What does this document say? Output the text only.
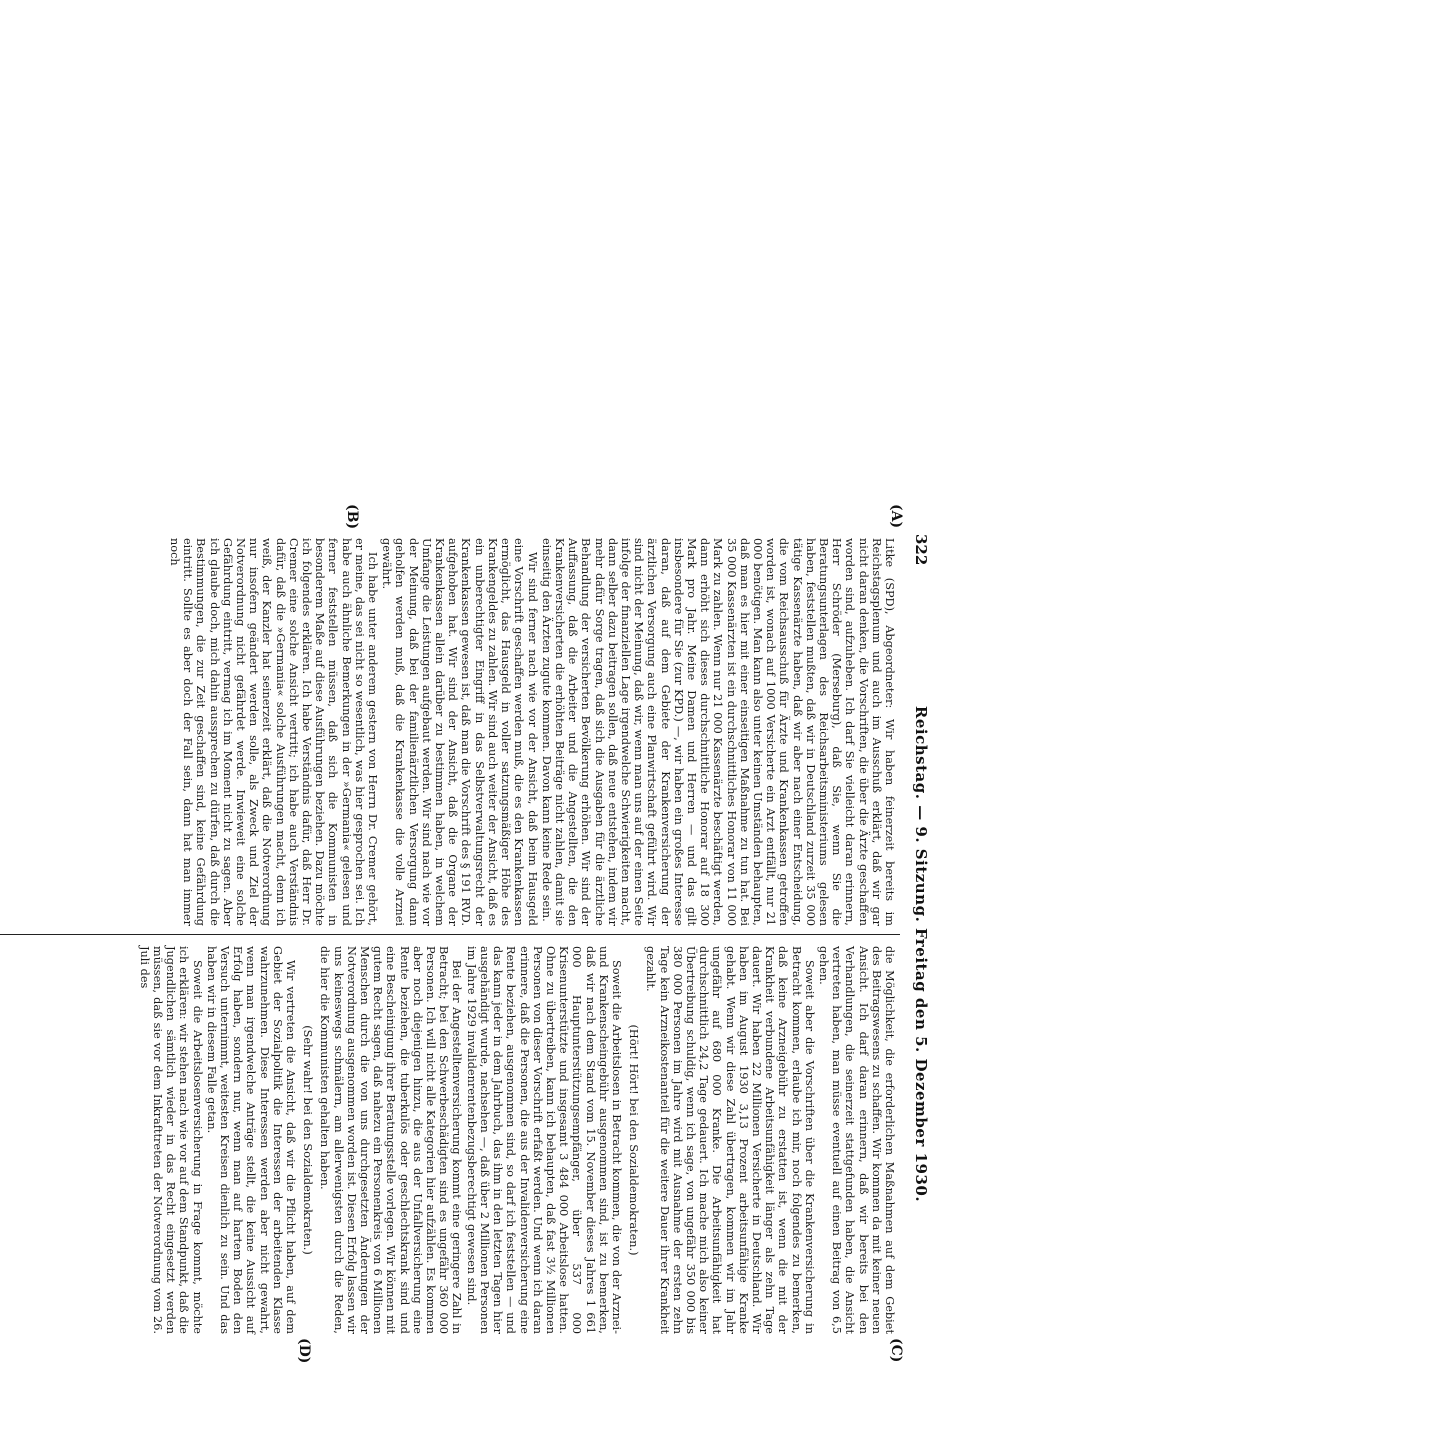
322
Reichstag. — 9. Sitzung. Freitag den 5. Dezember 1930.
(A)
(B)
(C)
(D)

Litke (SPD), Abgeordneter: Wir haben feinerzeit bereits im Reichstagsplenum und auch im Ausschuß erklärt, daß wir gar nicht daran denken, die Vorschriften, die über die Ärzte geschaffen worden sind, aufzuheben. Ich darf Sie vielleicht daran erinnern, Herr Schröder (Merseburg), daß Sie, wenn Sie die Beratungsunterlagen des Reichsarbeitsministeriums gelesen haben, feststellen mußten, daß wir in Deutschland zurzeit 35 000 tätige Kassenärzte haben, daß wir aber nach einer Entscheidung, die vom Reichsausschuß für Ärzte und Krankenkassen getroffen worden ist, wonach auf 1000 Versicherte ein Arzt entfällt, nur 21 000 benötigen. Man kann also unter keinen Umständen behaupten, daß man es hier mit einer einseitigen Maßnahme zu tun hat. Bei 35 000 Kassenärzten ist ein durchschnittliches Honorar von 11 000 Mark zu zahlen. Wenn nur 21 000 Kassenärzte beschäftigt werden, dann erhöht sich dieses durchschnittliche Honorar auf 18 300 Mark pro Jahr. Meine Damen und Herren — und das gilt insbesondere für Sie (zur KPD.) —, wir haben ein großes Interesse daran, daß auf dem Gebiete der Krankenversicherung der ärztlichen Versorgung auch eine Planwirtschaft geführt wird. Wir sind nicht der Meinung, daß wir, wenn man uns auf der einen Seite infolge der finanziellen Lage irgendwelche Schwierigkeiten macht, dann selber dazu beitragen sollen, daß neue entstehen, indem wir mehr dafür Sorge tragen, daß sich die Ausgaben für die ärztliche Behandlung der versicherten Bevölkerung erhöhen. Wir sind der Auffassung, daß die Arbeiter und die Angestellten, die den Krankenversicherten die erhöhten Beiträge nicht zahlen, damit sie einseitig den Ärzten zugute kommen. Davon kann keine Rede sein.

Wir sind ferner nach wie vor der Ansicht, daß beim Hausgeld eine Vorschrift geschaffen werden muß, die es den Krankenkassen ermöglicht, das Hausgeld in voller satzungsmäßiger Höhe des Krankengeldes zu zahlen. Wir sind auch weiter der Ansicht, daß es ein unberechtigter Eingriff in das Selbstverwaltungsrecht der Krankenkassen gewesen ist, daß man die Vorschrift des § 191 RVD. aufgehoben hat. Wir sind der Ansicht, daß die Organe der Krankenkassen allein darüber zu bestimmen haben, in welchem Umfange die Leistungen aufgebaut werden. Wir sind nach wie vor der Meinung, daß bei der familienärztlichen Versorgung dann geholfen werden muß, daß die Krankenkasse die volle Arznei gewährt.

Ich habe unter anderem gestern von Herrn Dr. Cremer gehört, er meine, das sei nicht so wesentlich, was hier gesprochen sei. Ich habe auch ähnliche Bemerkungen in der »Germania« gelesen und ferner feststellen müssen, daß sich die Kommunisten in besonderem Maße auf diese Ausführungen beziehen. Dazu möchte ich folgendes erklären. Ich habe Verständnis dafür, daß Herr Dr. Cremer eine solche Ansicht vertritt; ich habe auch Verständnis dafür, daß die »Germania« solche Ausführungen macht, denn ich weiß, der Kanzler hat seinerzeit erklärt, daß die Notverordnung nur insofern geändert werden solle, als Zweck und Ziel der Notverordnung nicht gefährdet werde. Inwieweit eine solche Gefährdung eintritt, vermag ich im Moment nicht zu sagen. Aber ich glaube doch, mich dahin aussprechen zu dürfen, daß durch die Bestimmungen, die zur Zeit geschaffen sind, keine Gefährdung eintritt. Sollte es aber doch der Fall sein, dann hat man immer noch

die Möglichkeit, die erforderlichen Maßnahmen auf dem Gebiet des Beitragswesens zu schaffen. Wir kommen da mit keiner neuen Ansicht. Ich darf daran erinnern, daß wir bereits bei den Verhandlungen, die seinerzeit stattgefunden haben, die Ansicht vertreten haben, man müsse eventuell auf einen Beitrag von 6,5 gehen.

Soweit aber die Vorschriften über die Krankenversicherung in Betracht kommen, erlaube ich mir, noch folgendes zu bemerken, daß keine Arzneigebühr zu erstatten ist, wenn die mit der Krankheit verbundene Arbeitsunfähigkeit länger als zehn Tage dauert. Wir haben 22 Millionen Versicherte in Deutschland. Wir haben im August 1930 3,13 Prozent arbeitsunfähige Kranke gehabt. Wenn wir diese Zahl übertragen, kommen wir im Jahr ungefähr auf 680 000 Kranke. Die Arbeitsunfähigkeit hat durchschnittlich 24,2 Tage gedauert. Ich mache mich also keiner Übertreibung schuldig, wenn ich sage, von ungefähr 350 000 bis 380 000 Personen im Jahre wird mit Ausnahme der ersten zehn Tage kein Arzneikostenanteil für die weitere Dauer ihrer Krankheit gezahlt.

(Hört! Hört! bei den Sozialdemokraten.)

Soweit die Arbeitslosen in Betracht kommen, die von der Arznei- und Krankenscheingebühr ausgenommen sind, ist zu bemerken, daß wir nach dem Stand vom 15. November dieses Jahres 1 661 000 Hauptunterstützungsempfänger, über 537 000 Krisenunterstützte und insgesamt 3 484 000 Arbeitslose hatten. Ohne zu übertreiben, kann ich behaupten, daß fast 3½ Millionen Personen von dieser Vorschrift erfaßt werden. Und wenn ich daran erinnere, daß die Personen, die aus der Invalidenversicherung eine Rente beziehen, ausgenommen sind, so darf ich feststellen — und das kann jeder in dem Jahrbuch, das ihm in den letzten Tagen hier ausgehändigt wurde, nachsehen —, daß über 2 Millionen Personen im Jahre 1929 invalidenrentenbezugsberechtigt gewesen sind.

Bei der Angestelltenversicherung kommt eine geringere Zahl in Betracht; bei den Schwerbeschädigten sind es ungefähr 360 000 Personen. Ich will nicht alle Kategorien hier aufzählen. Es kommen aber noch diejenigen hinzu, die aus der Unfallversicherung eine Rente beziehen, die tuberkulös oder geschlechtskrank sind und eine Bescheinigung ihrer Beratungsstelle vorlegen. Wir können mit gutem Recht sagen, daß nahezu ein Personenkreis von 6 Millionen Menschen durch die von uns durchgesetzten Änderungen der Notverordnung ausgenommen worden ist. Diesen Erfolg lassen wir uns keineswegs schmälern, am allerwenigsten durch die Reden, die hier die Kommunisten gehalten haben.

(Sehr wahr! bei den Sozialdemokraten.)

Wir vertreten die Ansicht, daß wir die Pflicht haben, auf dem Gebiet der Sozialpolitik die Interessen der arbeitenden Klasse wahrzunehmen. Diese Interessen werden aber nicht gewahrt, wenn man irgendwelche Anträge stellt, die keine Aussicht auf Erfolg haben, sondern nur, wenn man auf hartem Boden den Versuch unternimmt, weitesten Kreisen dienlich zu sein. Und das haben wir in diesem Falle getan.

Soweit die Arbeitslosenversicherung in Frage kommt, möchte ich erklären: wir stehen nach wie vor auf dem Standpunkt, daß die Jugendlichen sämtlich wieder in das Recht eingesetzt werden müssen, daß sie vor dem Inkrafttreten der Notverordnung vom 26. Juli des
